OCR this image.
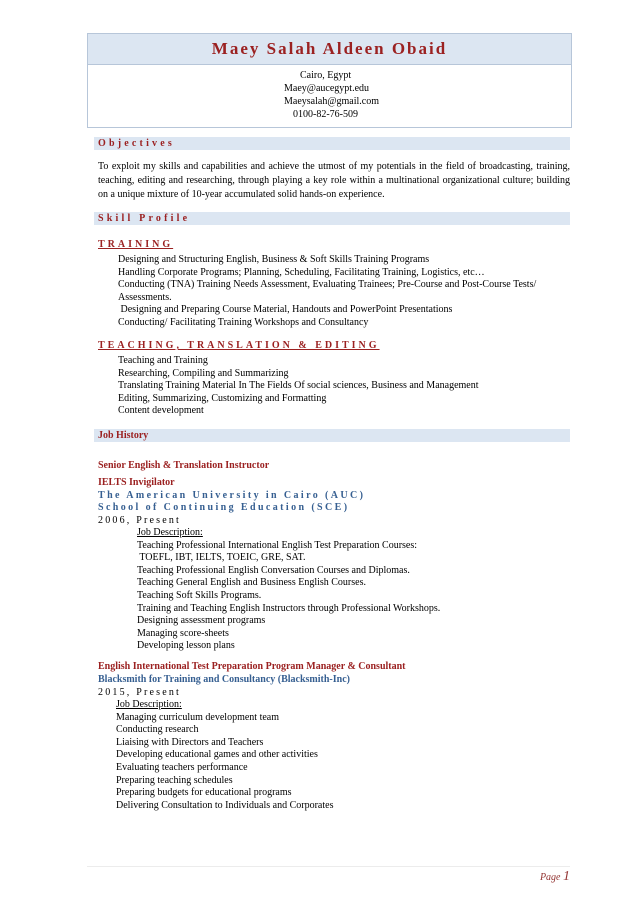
Maey Salah Aldeen Obaid
Cairo, Egypt
Maey@aucegypt.edu
Maeysalah@gmail.com
0100-82-76-509
Objectives
To exploit my skills and capabilities and achieve the utmost of my potentials in the field of broadcasting, training, teaching, editing and researching, through playing a key role within a multinational organizational culture; building on a unique mixture of 10-year accumulated solid hands-on experience.
Skill Profile
TRAINING
Designing and Structuring English, Business & Soft Skills Training Programs
Handling Corporate Programs; Planning, Scheduling, Facilitating Training, Logistics, etc…
Conducting (TNA) Training Needs Assessment, Evaluating Trainees; Pre-Course and Post-Course Tests/
Assessments.
Designing and Preparing Course Material, Handouts and PowerPoint Presentations
Conducting/ Facilitating Training Workshops and Consultancy
TEACHING, TRANSLATION & EDITING
Teaching and Training
Researching, Compiling and Summarizing
Translating Training Material In The Fields Of social sciences, Business and Management
Editing, Summarizing, Customizing and Formatting
Content development
Job History
Senior English & Translation Instructor
IELTS Invigilator
The American University in Cairo (AUC)
School of Continuing Education (SCE)
2006, Present
Job Description:
Teaching Professional International English Test Preparation Courses:
TOEFL, IBT, IELTS, TOEIC, GRE, SAT.
Teaching Professional English Conversation Courses and Diplomas.
Teaching General English and Business English Courses.
Teaching Soft Skills Programs.
Training and Teaching English Instructors through Professional Workshops.
Designing assessment programs
Managing score-sheets
Developing lesson plans
English International Test Preparation Program Manager & Consultant
Blacksmith for Training and Consultancy (Blacksmith-Inc)
2015, Present
Job Description:
Managing curriculum development team
Conducting research
Liaising with Directors and Teachers
Developing educational games and other activities
Evaluating teachers performance
Preparing teaching schedules
Preparing budgets for educational programs
Delivering Consultation to Individuals and Corporates
Page 1
